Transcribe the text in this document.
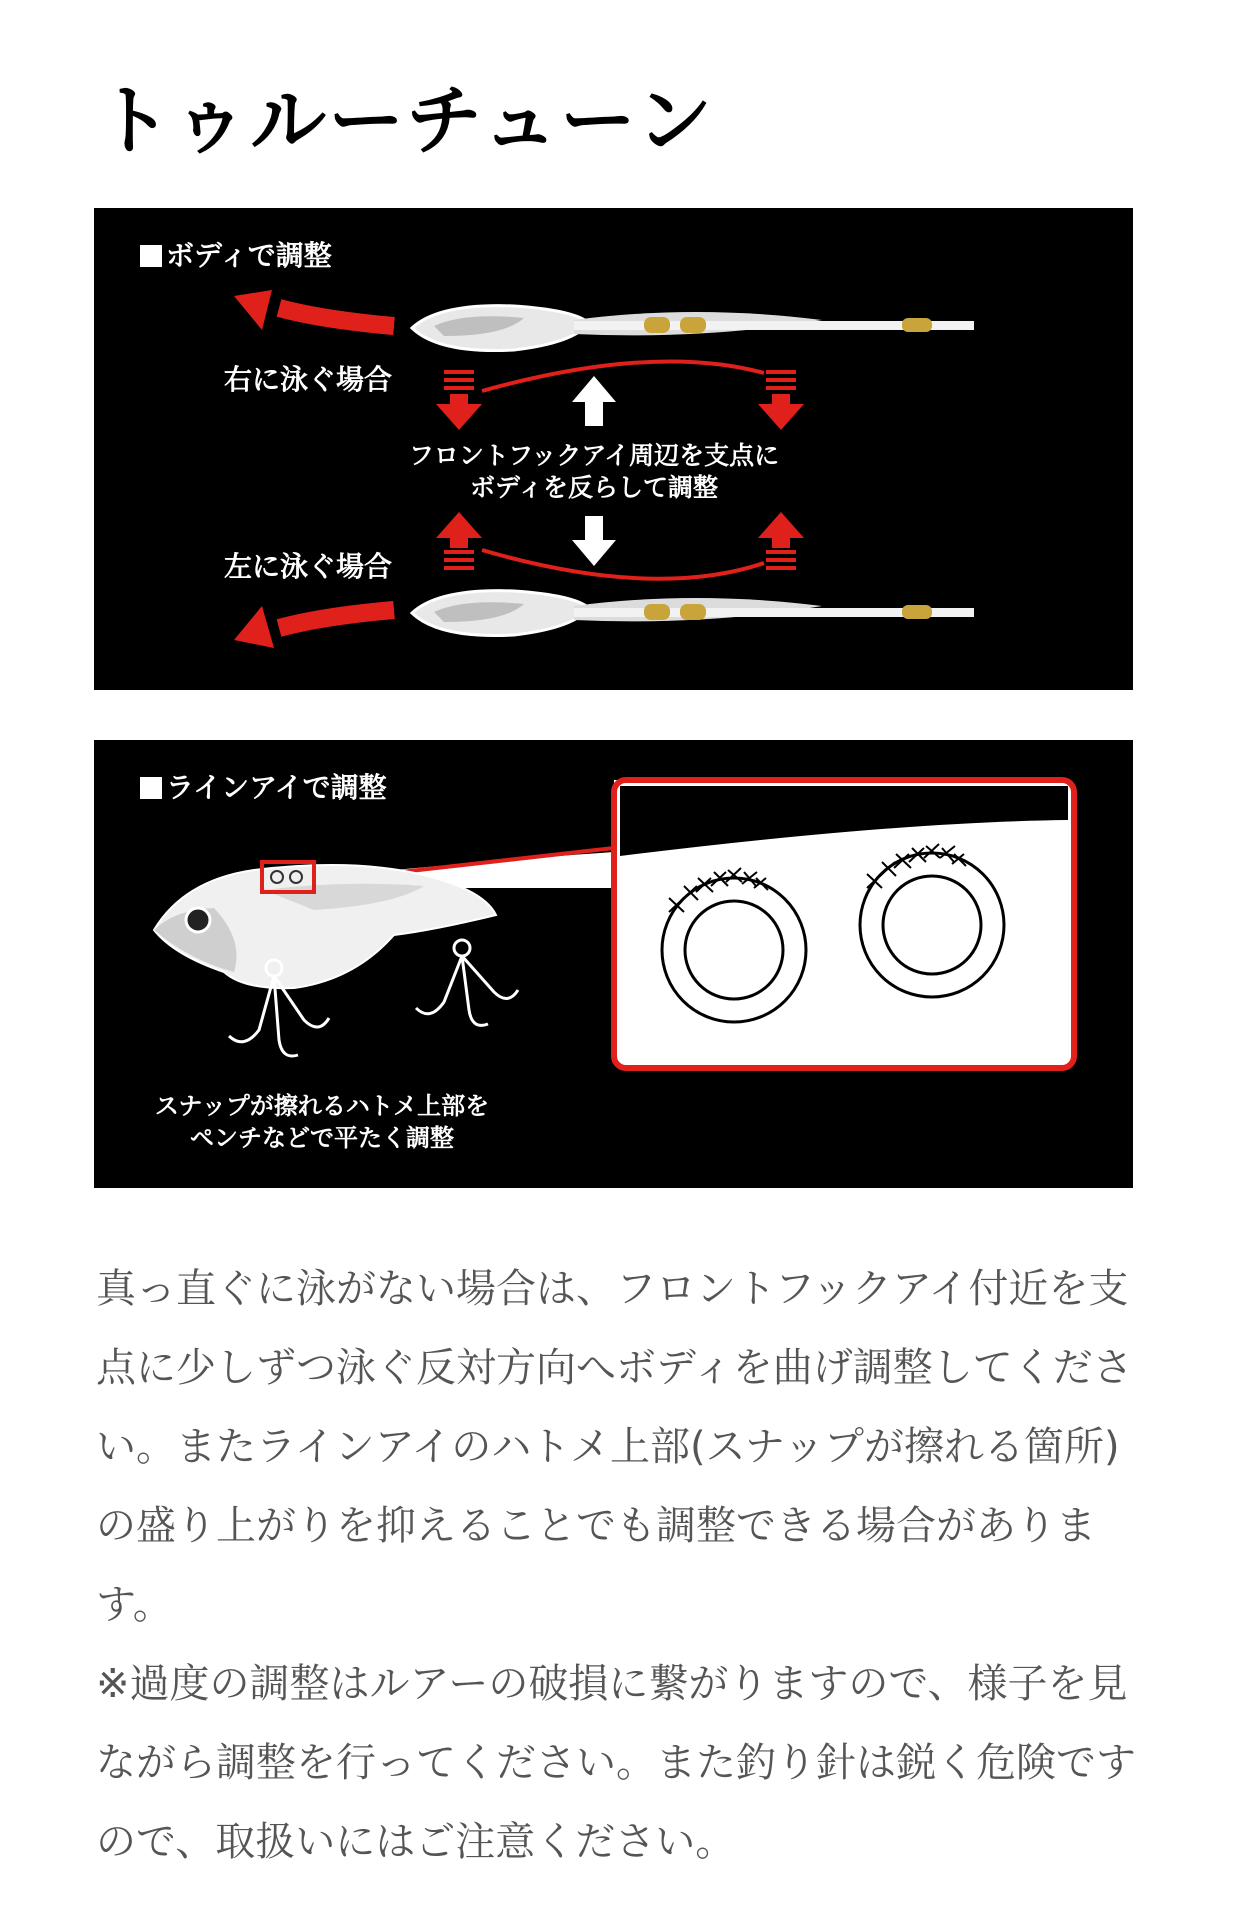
トゥルーチューン
ボディで調整
右に泳ぐ場合
左に泳ぐ場合
フロントフックアイ周辺を支点に
ボディを反らして調整
ラインアイで調整
スナップが擦れるハトメ上部を
ペンチなどで平たく調整

真っ直ぐに泳がない場合は、フロントフックアイ付近を支点に少しずつ泳ぐ反対方向へボディを曲げ調整してください。またラインアイのハトメ上部(スナップが擦れる箇所)の盛り上がりを抑えることでも調整できる場合があります。

※過度の調整はルアーの破損に繋がりますので、様子を見ながら調整を行ってください。また釣り針は鋭く危険ですので、取扱いにはご注意ください。
